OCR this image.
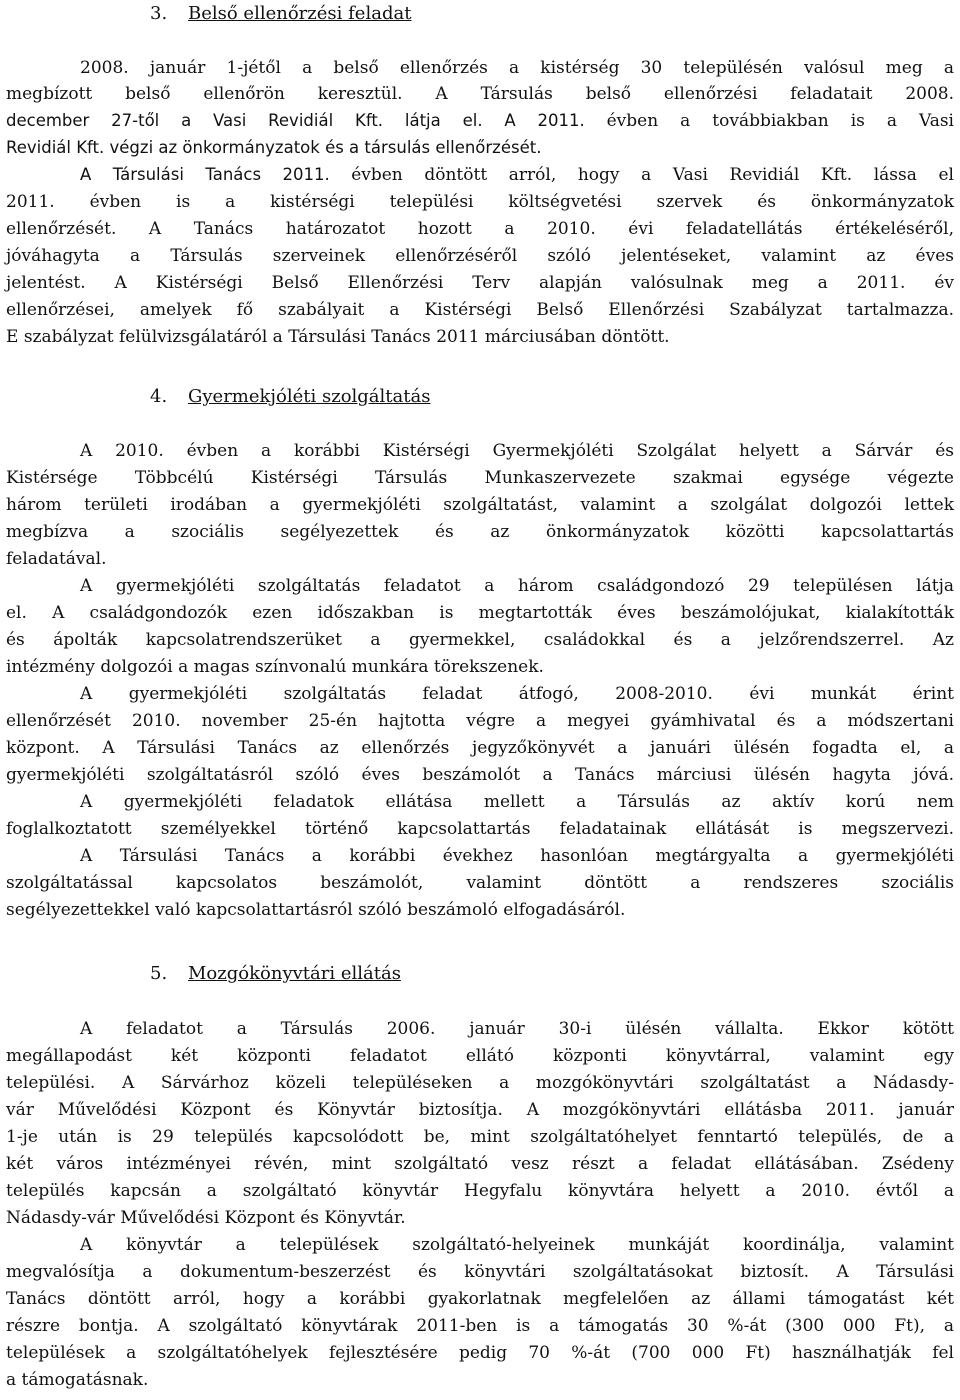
3. Belső ellenőrzési feladat
2008. január 1-jétől a belső ellenőrzés a kistérség 30 településén valósul meg a
megbízott belső ellenőrön keresztül. A Társulás belső ellenőrzési feladatait 2008.
december 27-től a Vasi Revidiál Kft. látja el. A 2011. évben a továbbiakban is a Vasi
Revidiál Kft. végzi az önkormányzatok és a társulás ellenőrzését.
A Társulási Tanács 2011. évben döntött arról, hogy a Vasi Revidiál Kft. lássa el
2011. évben is a kistérségi települési költségvetési szervek és önkormányzatok
ellenőrzését. A Tanács határozatot hozott a 2010. évi feladatellátás értékeléséről,
jóváhagyta a Társulás szerveinek ellenőrzéséről szóló jelentéseket, valamint az éves
jelentést. A Kistérségi Belső Ellenőrzési Terv alapján valósulnak meg a 2011. év
ellenőrzései, amelyek fő szabályait a Kistérségi Belső Ellenőrzési Szabályzat tartalmazza.
E szabályzat felülvizsgálatáról a Társulási Tanács 2011 márciusában döntött.
4. Gyermekjóléti szolgáltatás
A 2010. évben a korábbi Kistérségi Gyermekjóléti Szolgálat helyett a Sárvár és
Kistérsége Többcélú Kistérségi Társulás Munkaszervezete szakmai egysége végezte
három területi irodában a gyermekjóléti szolgáltatást, valamint a szolgálat dolgozói lettek
megbízva a szociális segélyezettek és az önkormányzatok közötti kapcsolattartás
feladatával.
A gyermekjóléti szolgáltatás feladatot a három családgondozó 29 településen látja
el. A családgondozók ezen időszakban is megtartották éves beszámolójukat, kialakították
és ápolták kapcsolatrendszerüket a gyermekkel, családokkal és a jelzőrendszerrel. Az
intézmény dolgozói a magas színvonalú munkára törekszenek.
A gyermekjóléti szolgáltatás feladat átfogó, 2008-2010. évi munkát érint
ellenőrzését 2010. november 25-én hajtotta végre a megyei gyámhivatal és a módszertani
központ. A Társulási Tanács az ellenőrzés jegyzőkönyvét a januári ülésén fogadta el, a
gyermekjóléti szolgáltatásról szóló éves beszámolót a Tanács márciusi ülésén hagyta jóvá.
A gyermekjóléti feladatok ellátása mellett a Társulás az aktív korú nem
foglalkoztatott személyekkel történő kapcsolattartás feladatainak ellátását is megszervezi.
A Társulási Tanács a korábbi évekhez hasonlóan megtárgyalta a gyermekjóléti
szolgáltatással kapcsolatos beszámolót, valamint döntött a rendszeres szociális
segélyezettekkel való kapcsolattartásról szóló beszámoló elfogadásáról.
5. Mozgókönyvtári ellátás
A feladatot a Társulás 2006. január 30-i ülésén vállalta. Ekkor kötött
megállapodást két központi feladatot ellátó központi könyvtárral, valamint egy
települési. A Sárvárhoz közeli településeken a mozgókönyvtári szolgáltatást a Nádasdy-
vár Művelődési Központ és Könyvtár biztosítja. A mozgókönyvtári ellátásba 2011. január
1-je után is 29 település kapcsolódott be, mint szolgáltatóhelyet fenntartó település, de a
két város intézményei révén, mint szolgáltató vesz részt a feladat ellátásában. Zsédeny
település kapcsán a szolgáltató könyvtár Hegyfalu könyvtára helyett a 2010. évtől a
Nádasdy-vár Művelődési Központ és Könyvtár.
A könyvtár a települések szolgáltató-helyeinek munkáját koordinálja, valamint
megvalósítja a dokumentum-beszerzést és könyvtári szolgáltatásokat biztosít. A Társulási
Tanács döntött arról, hogy a korábbi gyakorlatnak megfelelően az állami támogatást két
részre bontja. A szolgáltató könyvtárak 2011-ben is a támogatás 30 %-át (300 000 Ft), a
települések a szolgáltatóhelyek fejlesztésére pedig 70 %-át (700 000 Ft) használhatják fel
a támogatásnak.
